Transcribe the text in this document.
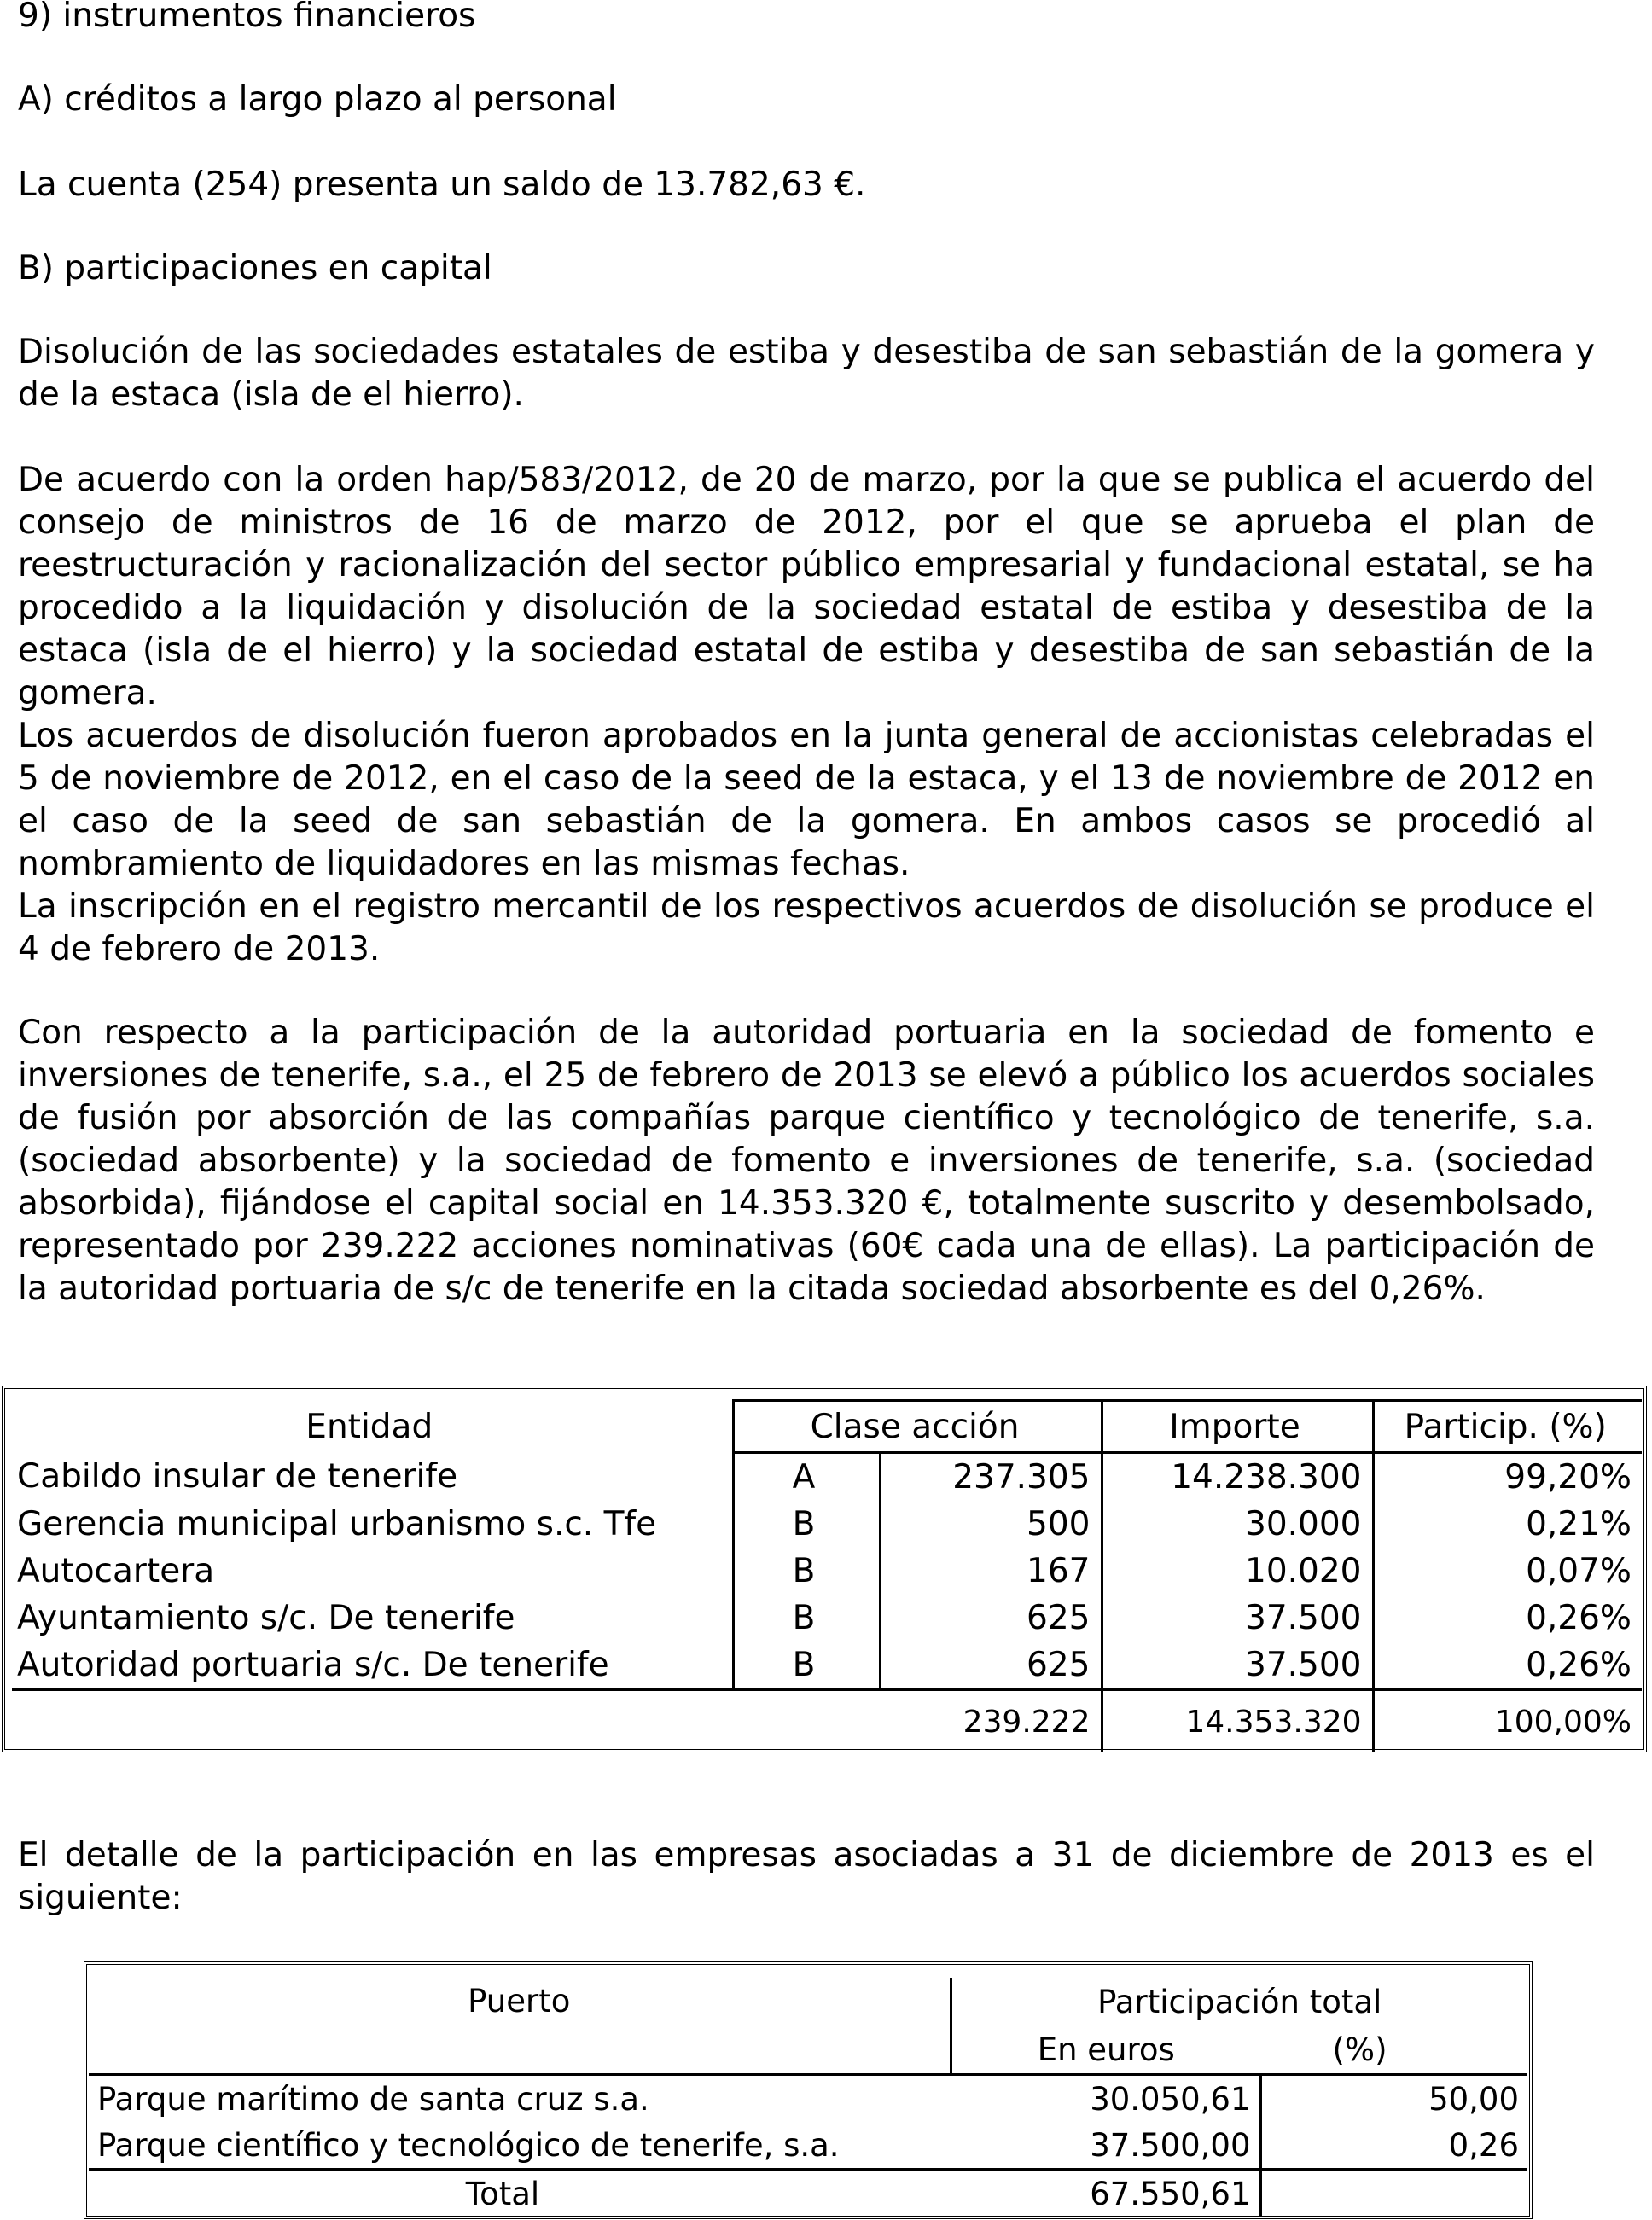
9) instrumentos financieros

A) créditos a largo plazo al personal

La cuenta (254) presenta un saldo de 13.782,63 €.

B) participaciones en capital

Disolución de las sociedades estatales de estiba y desestiba de san sebastián de la gomera y de la estaca (isla de el hierro).

De acuerdo con la orden hap/583/2012, de 20 de marzo, por la que se publica el acuerdo del consejo de ministros de 16 de marzo de 2012, por el que se aprueba el plan de reestructuración y racionalización del sector público empresarial y fundacional estatal, se ha procedido a la liquidación y disolución de la sociedad estatal de estiba y desestiba de la estaca (isla de el hierro) y la sociedad estatal de estiba y desestiba de san sebastián de la gomera.

Los acuerdos de disolución fueron aprobados en la junta general de accionistas celebradas el 5 de noviembre de 2012, en el caso de la seed de la estaca, y el 13 de noviembre de 2012 en el caso de la seed de san sebastián de la gomera. En ambos casos se procedió al nombramiento de liquidadores en las mismas fechas.

La inscripción en el registro mercantil de los respectivos acuerdos de disolución se produce el 4 de febrero de 2013.

Con respecto a la participación de la autoridad portuaria en la sociedad de fomento e inversiones de tenerife, s.a., el 25 de febrero de 2013 se elevó a público los acuerdos sociales de fusión por absorción de las compañías parque científico y tecnológico de tenerife, s.a. (sociedad absorbente) y la sociedad de fomento e inversiones de tenerife, s.a. (sociedad absorbida), fijándose el capital social en 14.353.320 €, totalmente suscrito y desembolsado, representado por 239.222 acciones nominativas (60€ cada una de ellas). La participación de la autoridad portuaria de s/c de tenerife en la citada sociedad absorbente es del 0,26%.

El detalle de la participación en las empresas asociadas a 31 de diciembre de 2013 es el siguiente:

Entidad	Clase acción		Importe	Particip. (%)
Cabildo insular de tenerife	A	237.305	14.238.300	99,20%
Gerencia municipal urbanismo s.c. Tfe	B	500	30.000	0,21%
Autocartera	B	167	10.020	0,07%
Ayuntamiento s/c. De tenerife	B	625	37.500	0,26%
Autoridad portuaria s/c. De tenerife	B	625	37.500	0,26%
		239.222	14.353.320	100,00%
Puerto	Participación total	
	En euros	(%)
Parque marítimo de santa cruz s.a.	30.050,61	50,00
Parque científico y tecnológico de tenerife, s.a.	37.500,00	0,26
Total	67.550,61	
